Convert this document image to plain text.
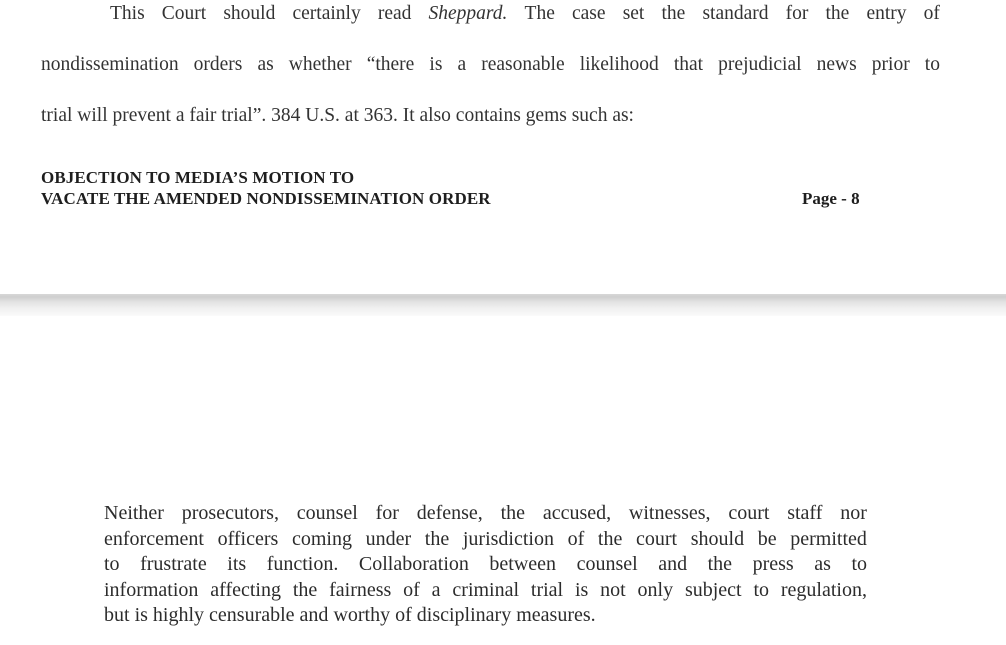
This Court should certainly read Sheppard. The case set the standard for the entry of
nondissemination orders as whether “there is a reasonable likelihood that prejudicial news prior to
trial will prevent a fair trial”. 384 U.S. at 363. It also contains gems such as:
OBJECTION TO MEDIA’S MOTION TO
VACATE THE AMENDED NONDISSEMINATION ORDER	Page - 8
Neither prosecutors, counsel for defense, the accused, witnesses, court staff nor
enforcement officers coming under the jurisdiction of the court should be permitted
to frustrate its function. Collaboration between counsel and the press as to
information affecting the fairness of a criminal trial is not only subject to regulation,
but is highly censurable and worthy of disciplinary measures.
